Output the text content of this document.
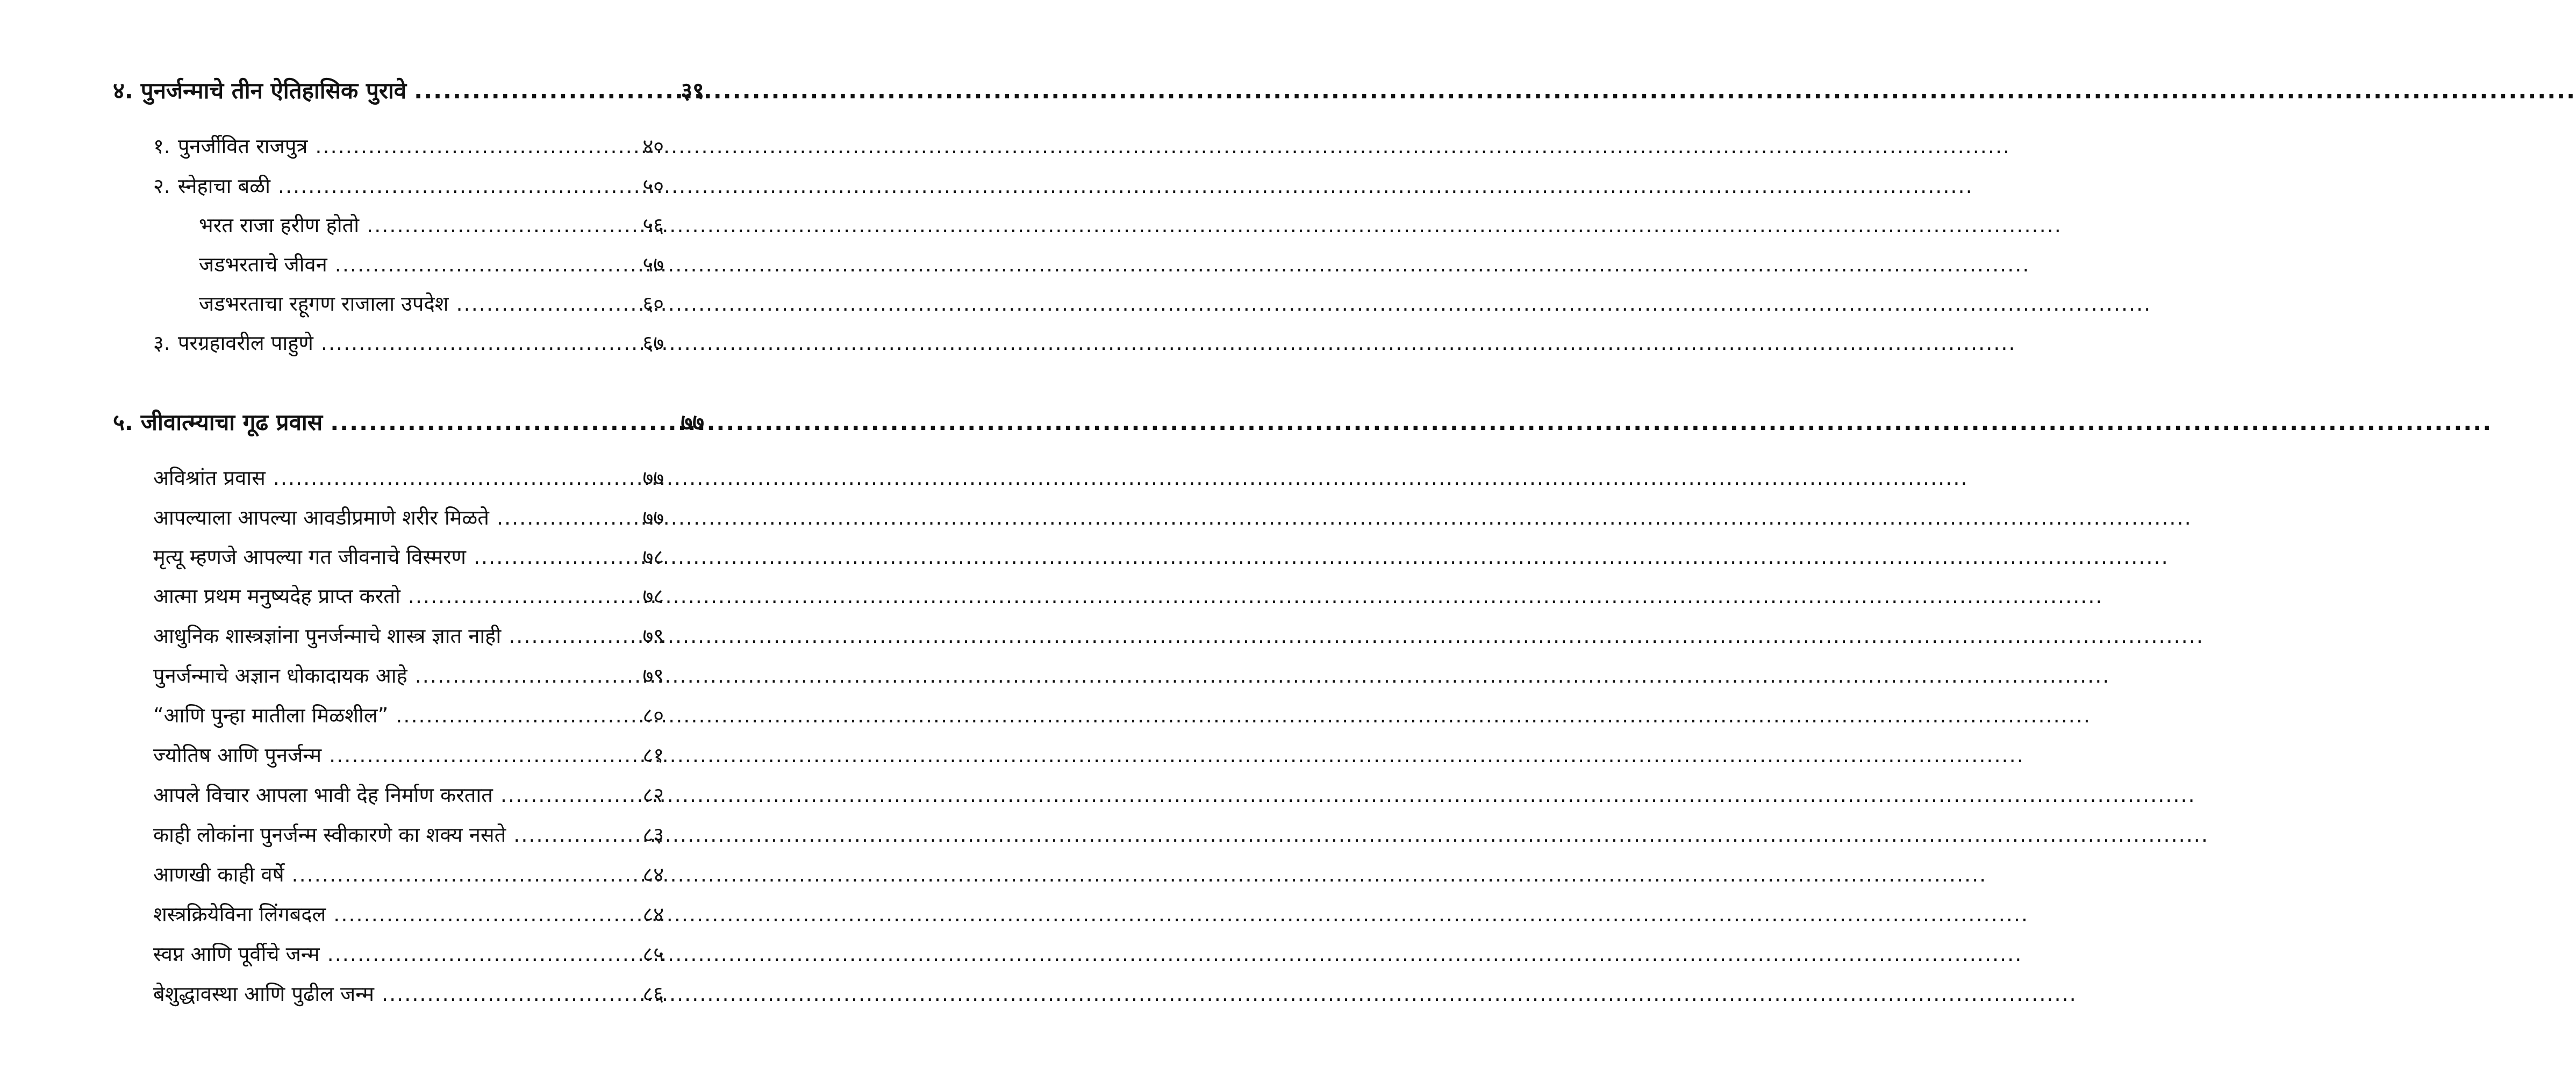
४. पुनर्जन्माचे तीन ऐतिहासिक पुरावे .....	३९
१. पुनर्जीवित राजपुत्र .....	४०
२. स्नेहाचा बळी .....	५०
भरत राजा हरीण होतो .....	५६
जडभरताचे जीवन .....	५७
जडभरताचा रहूगण राजाला उपदेश .....	६०
३. परग्रहावरील पाहुणे .....	६७
५. जीवात्म्याचा गूढ प्रवास .....	७७
अविश्रांत प्रवास .....	७७
आपल्याला आपल्या आवडीप्रमाणे शरीर मिळते .....	७७
मृत्यू म्हणजे आपल्या गत जीवनाचे विस्मरण .....	७८
आत्मा प्रथम मनुष्यदेह प्राप्त करतो .....	७८
आधुनिक शास्त्रज्ञांना पुनर्जन्माचे शास्त्र ज्ञात नाही .....	७९
पुनर्जन्माचे अज्ञान धोकादायक आहे .....	७९
“आणि पुन्हा मातीला मिळशील” .....	८०
ज्योतिष आणि पुनर्जन्म .....	८१
आपले विचार आपला भावी देह निर्माण करतात .....	८२
काही लोकांना पुनर्जन्म स्वीकारणे का शक्य नसते .....	८३
आणखी काही वर्षे .....	८४
शस्त्रक्रियेविना लिंगबदल .....	८४
स्वप्न आणि पूर्वीचे जन्म .....	८५
बेशुद्धावस्था आणि पुढील जन्म .....	८६
